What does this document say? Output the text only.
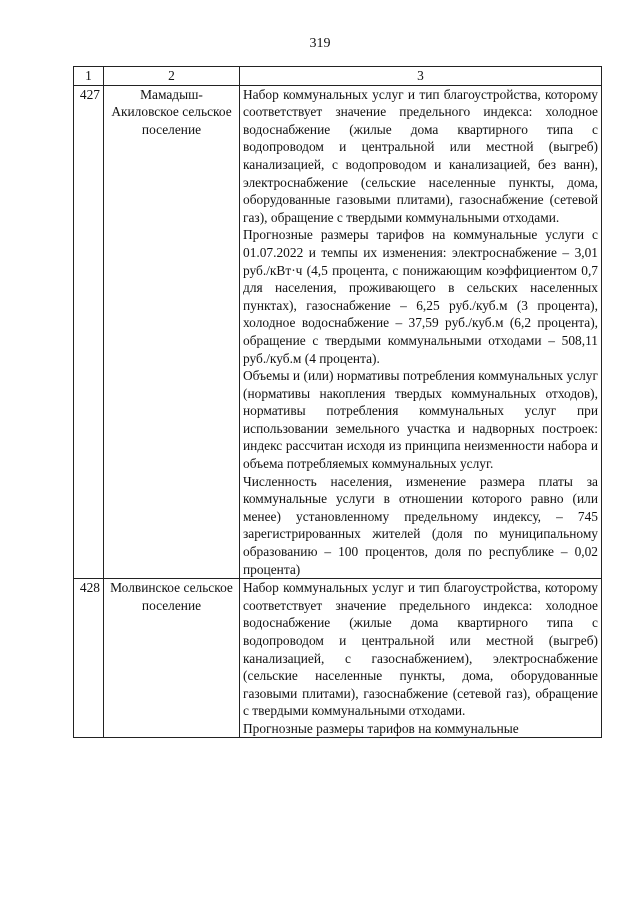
319
1	2	3
427	Мамадыш-Акиловское сельское поселение	Набор коммунальных услуг и тип благоустройства, которому соответствует значение предельного индекса: холодное водоснабжение (жилые дома квартирного типа с водопроводом и центральной или местной (выгреб) канализацией, с водопроводом и канализацией, без ванн), электроснабжение (сельские населенные пункты, дома, оборудованные газовыми плитами), газоснабжение (сетевой газ), обращение с твердыми коммунальными отходами.

Прогнозные размеры тарифов на коммунальные услуги с 01.07.2022 и темпы их изменения: электроснабжение – 3,01 руб./кВт·ч (4,5 процента, с понижающим коэффициентом 0,7 для населения, проживающего в сельских населенных пунктах), газоснабжение – 6,25 руб./куб.м (3 процента), холодное водоснабжение – 37,59 руб./куб.м (6,2 процента), обращение с твердыми коммунальными отходами – 508,11 руб./куб.м (4 процента).

Объемы и (или) нормативы потребления коммунальных услуг (нормативы накопления твердых коммунальных отходов), нормативы потребления коммунальных услуг при использовании земельного участка и надворных построек: индекс рассчитан исходя из принципа неизменности набора и объема потребляемых коммунальных услуг.

Численность населения, изменение размера платы за коммунальные услуги в отношении которого равно (или менее) установленному предельному индексу, – 745 зарегистрированных жителей (доля по муниципальному образованию – 100 процентов, доля по республике – 0,02 процента)

428	Молвинское сельское поселение	Набор коммунальных услуг и тип благоустройства, которому соответствует значение предельного индекса: холодное водоснабжение (жилые дома квартирного типа с водопроводом и центральной или местной (выгреб) канализацией, с газоснабжением), электроснабжение (сельские населенные пункты, дома, оборудованные газовыми плитами), газоснабжение (сетевой газ), обращение с твердыми коммунальными отходами.

Прогнозные размеры тарифов на коммунальные
